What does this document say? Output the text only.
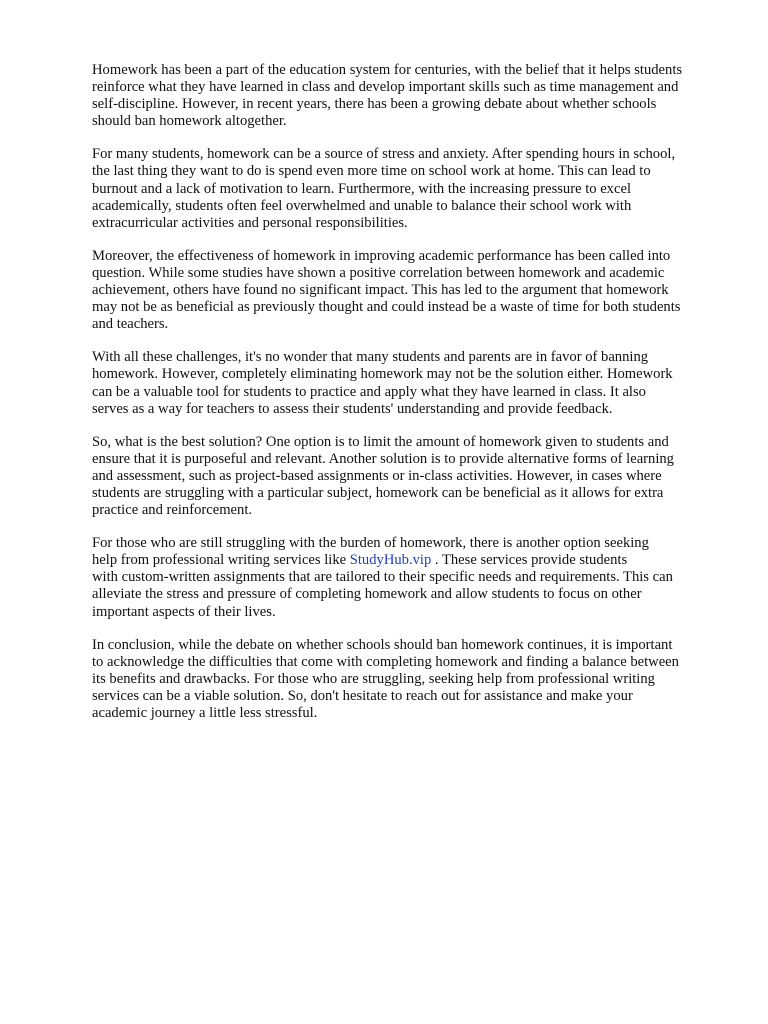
Homework has been a part of the education system for centuries, with the belief that it helps students
reinforce what they have learned in class and develop important skills such as time management and
self-discipline. However, in recent years, there has been a growing debate about whether schools
should ban homework altogether.

For many students, homework can be a source of stress and anxiety. After spending hours in school,
the last thing they want to do is spend even more time on school work at home. This can lead to
burnout and a lack of motivation to learn. Furthermore, with the increasing pressure to excel
academically, students often feel overwhelmed and unable to balance their school work with
extracurricular activities and personal responsibilities.

Moreover, the effectiveness of homework in improving academic performance has been called into
question. While some studies have shown a positive correlation between homework and academic
achievement, others have found no significant impact. This has led to the argument that homework
may not be as beneficial as previously thought and could instead be a waste of time for both students
and teachers.

With all these challenges, it's no wonder that many students and parents are in favor of banning
homework. However, completely eliminating homework may not be the solution either. Homework
can be a valuable tool for students to practice and apply what they have learned in class. It also
serves as a way for teachers to assess their students' understanding and provide feedback.

So, what is the best solution? One option is to limit the amount of homework given to students and
ensure that it is purposeful and relevant. Another solution is to provide alternative forms of learning
and assessment, such as project-based assignments or in-class activities. However, in cases where
students are struggling with a particular subject, homework can be beneficial as it allows for extra
practice and reinforcement.

For those who are still struggling with the burden of homework, there is another option seeking
help from professional writing services like StudyHub.vip . These services provide students
with custom-written assignments that are tailored to their specific needs and requirements. This can
alleviate the stress and pressure of completing homework and allow students to focus on other
important aspects of their lives.

In conclusion, while the debate on whether schools should ban homework continues, it is important
to acknowledge the difficulties that come with completing homework and finding a balance between
its benefits and drawbacks. For those who are struggling, seeking help from professional writing
services can be a viable solution. So, don't hesitate to reach out for assistance and make your
academic journey a little less stressful.
